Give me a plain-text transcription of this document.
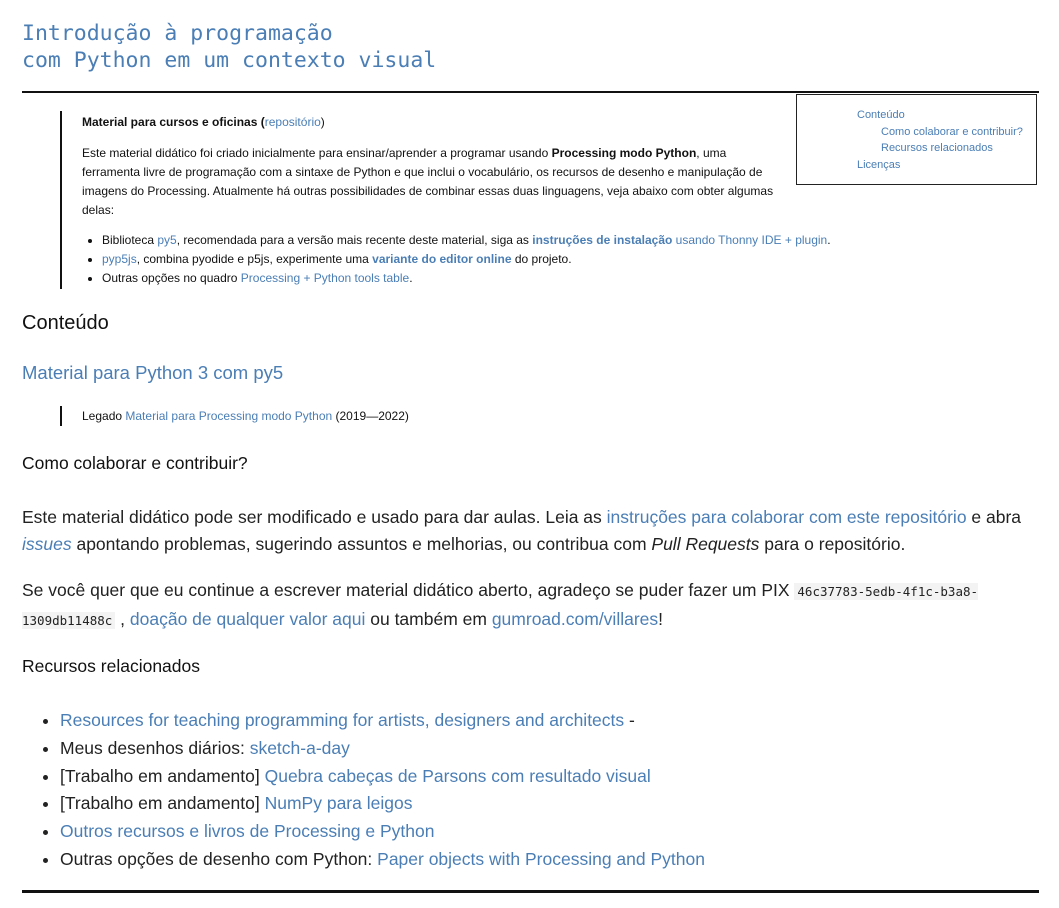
Introdução à programação
com Python em um contexto visual
Conteúdo
Como colaborar e contribuir?
Recursos relacionados
Licenças

Material para cursos e oficinas (repositório)

Este material didático foi criado inicialmente para ensinar/aprender a programar usando Processing modo Python, uma ferramenta livre de programação com a sintaxe de Python e que inclui o vocabulário, os recursos de desenho e manipulação de imagens do Processing. Atualmente há outras possibilidades de combinar essas duas linguagens, veja abaixo com obter algumas delas:

• Biblioteca py5, recomendada para a versão mais recente deste material, siga as instruções de instalação usando Thonny IDE + plugin.
• pyp5js, combina pyodide e p5js, experimente uma variante do editor online do projeto.
• Outras opções no quadro Processing + Python tools table.
Conteúdo
Material para Python 3 com py5
Legado Material para Processing modo Python (2019—2022)
Como colaborar e contribuir?

Este material didático pode ser modificado e usado para dar aulas. Leia as instruções para colaborar com este repositório e abra issues apontando problemas, sugerindo assuntos e melhorias, ou contribua com Pull Requests para o repositório.

Se você quer que eu continue a escrever material didático aberto, agradeço se puder fazer um PIX 46c37783-5edb-4f1c-b3a8-1309db11488c , doação de qualquer valor aqui ou também em gumroad.com/villares!

Recursos relacionados
• Resources for teaching programming for artists, designers and architects -
• Meus desenhos diários: sketch-a-day
• [Trabalho em andamento] Quebra cabeças de Parsons com resultado visual
• [Trabalho em andamento] NumPy para leigos
• Outros recursos e livros de Processing e Python
• Outras opções de desenho com Python: Paper objects with Processing and Python
